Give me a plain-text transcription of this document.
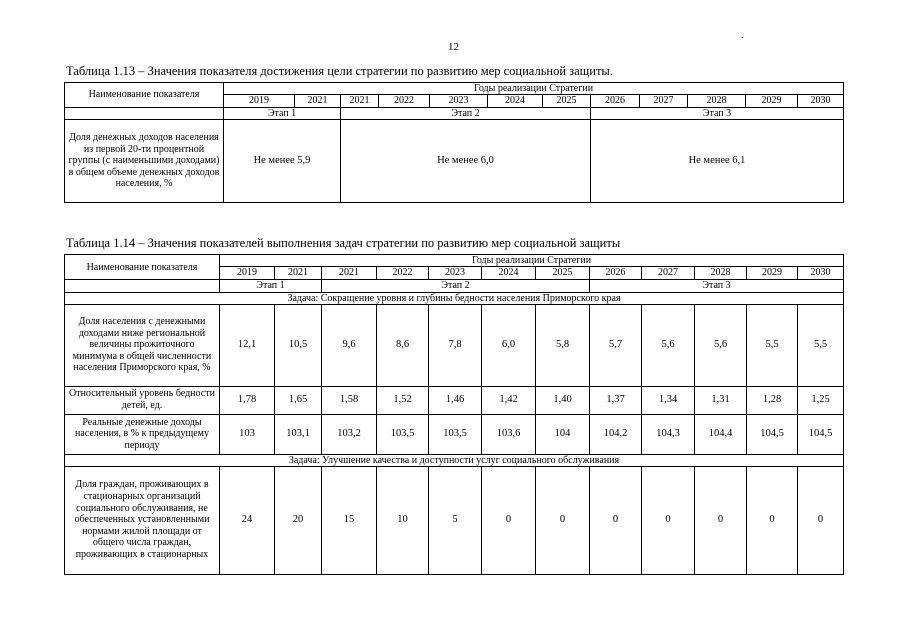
12
.
Таблица 1.13 – Значения показателя достижения цели стратегии по развитию мер социальной защиты.
Наименование показателя	Годы реализации Стратегии											
	2019	2021	2021	2022	2023	2024	2025	2026	2027	2028	2029	2030
	Этап 1		Этап 2					Этап 3				
Доля денежных доходов населения из первой 20-ти процентной группы (с наименьшими доходами) в общем объеме денежных доходов населения, %	Не менее 5,9		Не менее 6,0					Не менее 6,1				
Таблица 1.14 – Значения показателей выполнения задач стратегии по развитию мер социальной защиты
Наименование показателя	Годы реализации Стратегии											
	2019	2021	2021	2022	2023	2024	2025	2026	2027	2028	2029	2030
	Этап 1		Этап 2					Этап 3				
Задача: Сокращение уровня и глубины бедности населения Приморского края												
Доля населения с денежными доходами ниже региональной величины прожиточного минимума в общей численности населения Приморского края, %	12,1	10,5	9,6	8,6	7,8	6,0	5,8	5,7	5,6	5,6	5,5	5,5
Относительный уровень бедности детей, ед.	1,78	1,65	1,58	1,52	1,46	1,42	1,40	1,37	1,34	1,31	1,28	1,25
Реальные денежные доходы населения, в % к предыдущему периоду	103	103,1	103,2	103,5	103,5	103,6	104	104,2	104,3	104,4	104,5	104,5
Задача: Улучшение качества и доступности услуг социального обслуживания												
Доля граждан, проживающих в стационарных организаций социального обслуживания, не обеспеченных установленными нормами жилой площади от общего числа граждан, проживающих в стационарных	24	20	15	10	5	0	0	0	0	0	0	0
